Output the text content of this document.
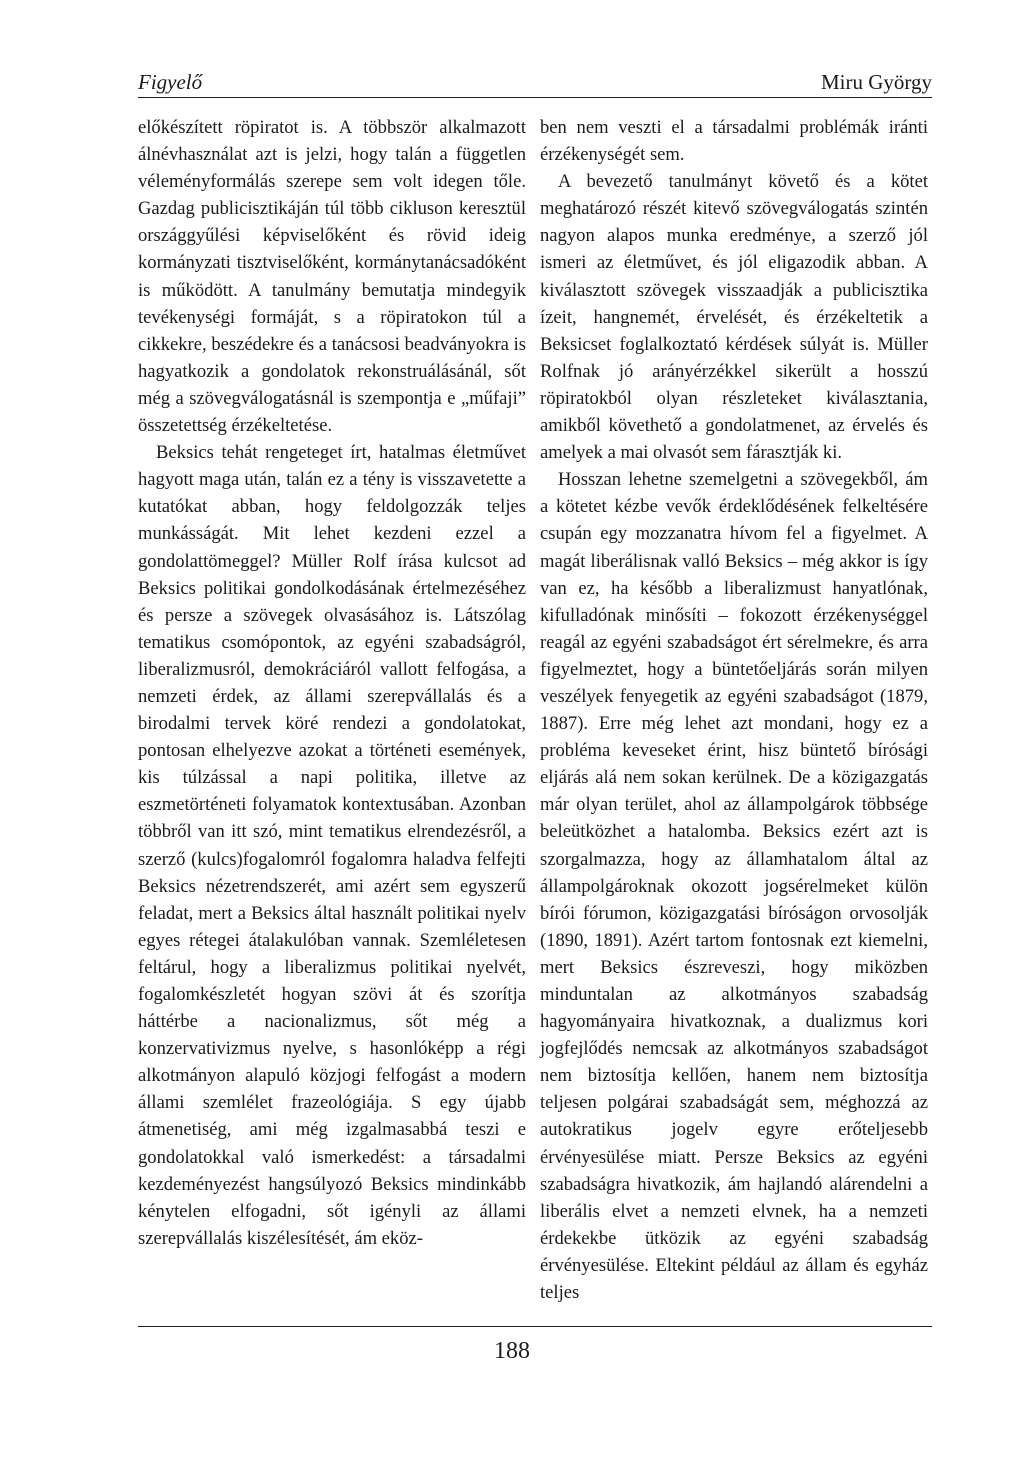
Figyelő	Miru György

előkészített röpiratot is. A többször alkalmazott álnévhasználat azt is jelzi, hogy talán a független véleményformálás szerepe sem volt idegen tőle. Gazdag publicisztikáján túl több cikluson keresztül országgyűlési képviselőként és rövid ideig kormányzati tisztviselőként, kormánytanácsadóként is működött. A tanulmány bemutatja mindegyik tevékenységi formáját, s a röpiratokon túl a cikkekre, beszédekre és a tanácsosi beadványokra is hagyatkozik a gondolatok rekonstruálásánál, sőt még a szövegválogatásnál is szempontja e „műfaji” összetettség érzékeltetése.

Beksics tehát rengeteget írt, hatalmas életművet hagyott maga után, talán ez a tény is visszavetette a kutatókat abban, hogy feldolgozzák teljes munkásságát. Mit lehet kezdeni ezzel a gondolattömeggel? Müller Rolf írása kulcsot ad Beksics politikai gondolkodásának értelmezéséhez és persze a szövegek olvasásához is. Látszólag tematikus csomópontok, az egyéni szabadságról, liberalizmusról, demokráciáról vallott felfogása, a nemzeti érdek, az állami szerepvállalás és a birodalmi tervek köré rendezi a gondolatokat, pontosan elhelyezve azokat a történeti események, kis túlzással a napi politika, illetve az eszmetörténeti folyamatok kontextusában. Azonban többről van itt szó, mint tematikus elrendezésről, a szerző (kulcs)fogalomról fogalomra haladva felfejti Beksics nézetrendszerét, ami azért sem egyszerű feladat, mert a Beksics által használt politikai nyelv egyes rétegei átalakulóban vannak. Szemléletesen feltárul, hogy a liberalizmus politikai nyelvét, fogalomkészletét hogyan szövi át és szorítja háttérbe a nacionalizmus, sőt még a konzervativizmus nyelve, s hasonlóképp a régi alkotmányon alapuló közjogi felfogást a modern állami szemlélet frazeológiája. S egy újabb átmenetiség, ami még izgalmasabbá teszi e gondolatokkal való ismerkedést: a társadalmi kezdeményezést hangsúlyozó Beksics mindinkább kénytelen elfogadni, sőt igényli az állami szerepvállalás kiszélesítését, ám eköz-

ben nem veszti el a társadalmi problémák iránti érzékenységét sem.

A bevezető tanulmányt követő és a kötet meghatározó részét kitevő szövegválogatás szintén nagyon alapos munka eredménye, a szerző jól ismeri az életművet, és jól eligazodik abban. A kiválasztott szövegek visszaadják a publicisztika ízeit, hangnemét, érvelését, és érzékeltetik a Beksicset foglalkoztató kérdések súlyát is. Müller Rolfnak jó arányérzékkel sikerült a hosszú röpiratokból olyan részleteket kiválasztania, amikből követhető a gondolatmenet, az érvelés és amelyek a mai olvasót sem fárasztják ki.

Hosszan lehetne szemelgetni a szövegekből, ám a kötetet kézbe vevők érdeklődésének felkeltésére csupán egy mozzanatra hívom fel a figyelmet. A magát liberálisnak valló Beksics – még akkor is így van ez, ha később a liberalizmust hanyatlónak, kifulladónak minősíti – fokozott érzékenységgel reagál az egyéni szabadságot ért sérelmekre, és arra figyelmeztet, hogy a büntetőeljárás során milyen veszélyek fenyegetik az egyéni szabadságot (1879, 1887). Erre még lehet azt mondani, hogy ez a probléma keveseket érint, hisz büntető bírósági eljárás alá nem sokan kerülnek. De a közigazgatás már olyan terület, ahol az állampolgárok többsége beleütközhet a hatalomba. Beksics ezért azt is szorgalmazza, hogy az államhatalom által az állampolgároknak okozott jogsérelmeket külön bírói fórumon, közigazgatási bíróságon orvosolják (1890, 1891). Azért tartom fontosnak ezt kiemelni, mert Beksics észreveszi, hogy miközben minduntalan az alkotmányos szabadság hagyományaira hivatkoznak, a dualizmus kori jogfejlődés nemcsak az alkotmányos szabadságot nem biztosítja kellően, hanem nem biztosítja teljesen polgárai szabadságát sem, méghozzá az autokratikus jogelv egyre erőteljesebb érvényesülése miatt. Persze Beksics az egyéni szabadságra hivatkozik, ám hajlandó alárendelni a liberális elvet a nemzeti elvnek, ha a nemzeti érdekekbe ütközik az egyéni szabadság érvényesülése. Eltekint például az állam és egyház teljes

188
